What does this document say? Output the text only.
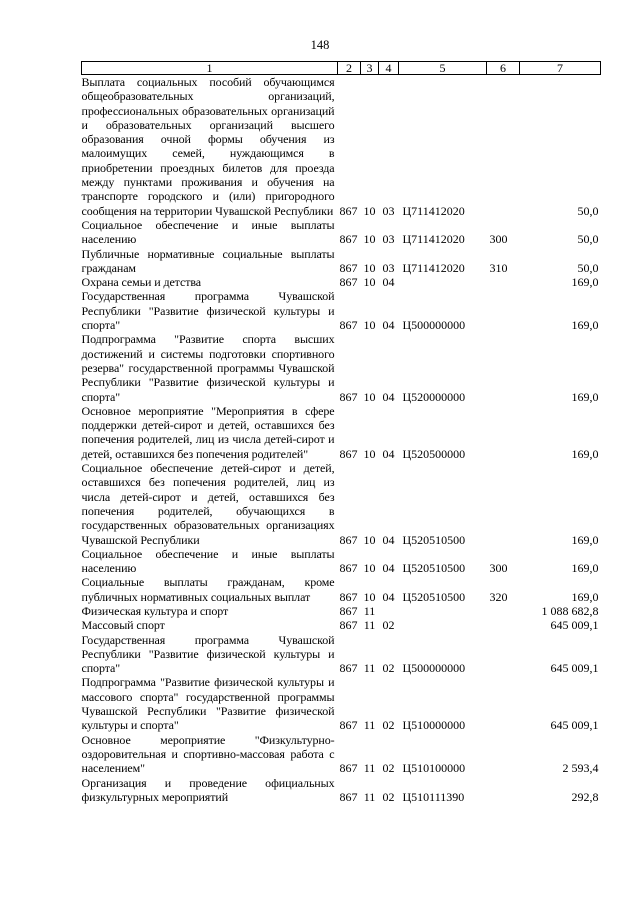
148
1	2	3	4	5	6	7
Выплата социальных пособий обучающимся общеобразовательных организаций, профессиональных образовательных организаций и образовательных организаций высшего образования очной формы обучения из малоимущих семей, нуждающимся в приобретении проездных билетов для проезда между пунктами проживания и обучения на транспорте городского и (или) пригородного сообщения на территории Чувашской Республики	867	10	03	Ц711412020		50,0
Социальное обеспечение и иные выплаты населению	867	10	03	Ц711412020	300	50,0
Публичные нормативные социальные выплаты гражданам	867	10	03	Ц711412020	310	50,0
Охрана семьи и детства	867	10	04			169,0
Государственная программа Чувашской Республики "Развитие физической культуры и спорта"	867	10	04	Ц500000000		169,0
Подпрограмма "Развитие спорта высших достижений и системы подготовки спортивного резерва" государственной программы Чувашской Республики "Развитие физической культуры и спорта"	867	10	04	Ц520000000		169,0
Основное мероприятие "Мероприятия в сфере поддержки детей-сирот и детей, оставшихся без попечения родителей, лиц из числа детей-сирот и детей, оставшихся без попечения родителей"	867	10	04	Ц520500000		169,0
Социальное обеспечение детей-сирот и детей, оставшихся без попечения родителей, лиц из числа детей-сирот и детей, оставшихся без попечения родителей, обучающихся в государственных образовательных организациях Чувашской Республики	867	10	04	Ц520510500		169,0
Социальное обеспечение и иные выплаты населению	867	10	04	Ц520510500	300	169,0
Социальные выплаты гражданам, кроме публичных нормативных социальных выплат	867	10	04	Ц520510500	320	169,0
Физическая культура и спорт	867	11				1 088 682,8
Массовый спорт	867	11	02			645 009,1
Государственная программа Чувашской Республики "Развитие физической культуры и спорта"	867	11	02	Ц500000000		645 009,1
Подпрограмма "Развитие физической культуры и массового спорта" государственной программы Чувашской Республики "Развитие физической культуры и спорта"	867	11	02	Ц510000000		645 009,1
Основное мероприятие "Физкультурно-оздоровительная и спортивно-массовая работа с населением"	867	11	02	Ц510100000		2 593,4
Организация и проведение официальных физкультурных мероприятий	867	11	02	Ц510111390		292,8
